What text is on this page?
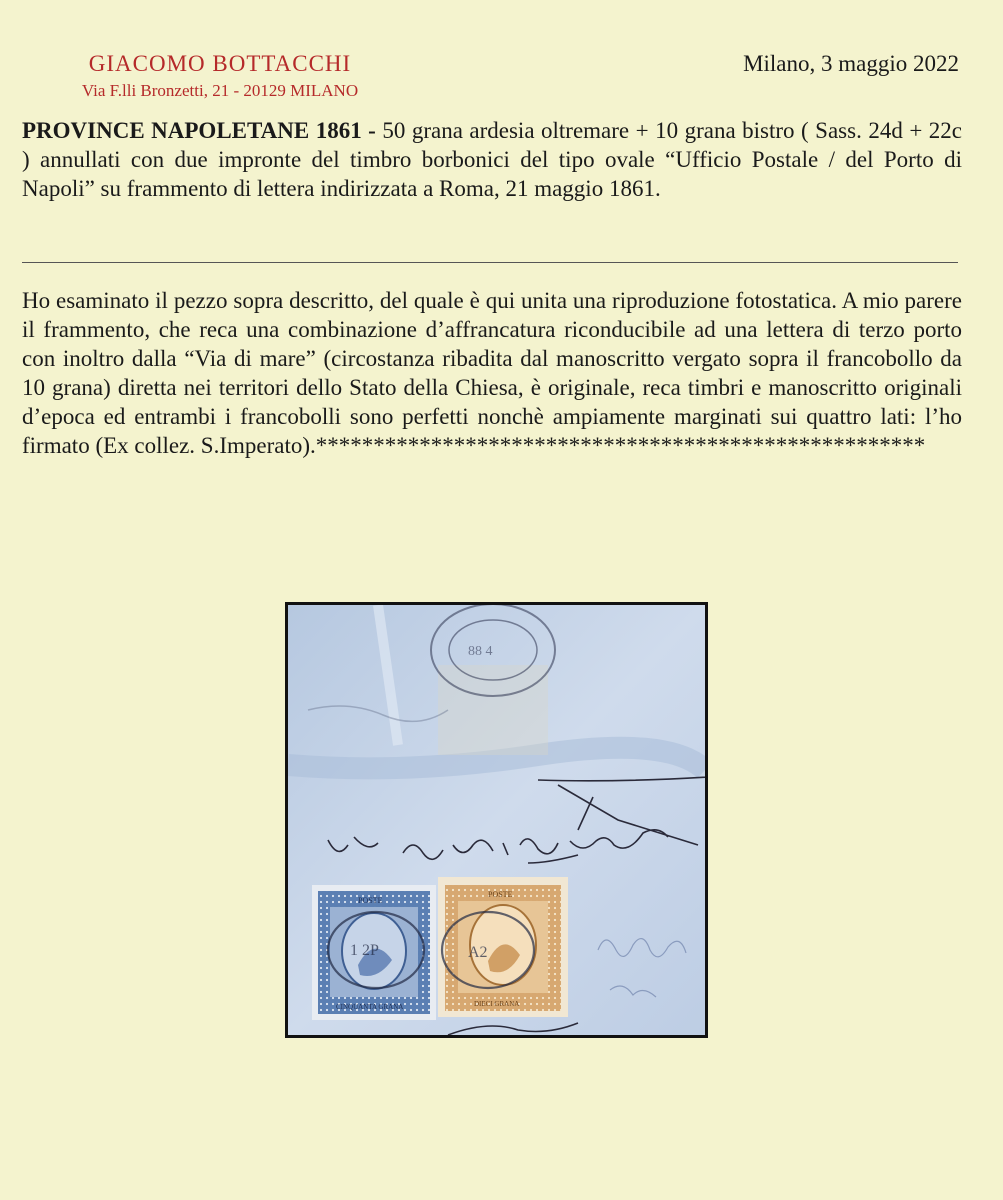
GIACOMO BOTTACCHI
Via F.lli Bronzetti, 21 - 20129 MILANO
Milano, 3 maggio 2022
PROVINCE NAPOLETANE 1861 - 50 grana ardesia oltremare + 10 grana bistro ( Sass. 24d + 22c ) annullati con due impronte del timbro borbonici del tipo ovale “Ufficio Postale / del Porto di Napoli” su frammento di lettera indirizzata a Roma, 21 maggio 1861.
Ho esaminato il pezzo sopra descritto, del quale è qui unita una riproduzione fotostatica. A mio parere il frammento, che reca una combinazione d’affrancatura riconducibile ad una lettera di terzo porto con inoltro dalla “Via di mare” (circostanza ribadita dal manoscritto vergato sopra il francobollo da 10 grana) diretta nei territori dello Stato della Chiesa, è originale, reca timbri e manoscritto originali d’epoca ed entrambi i francobolli sono perfetti nonchè ampiamente marginati sui quattro lati: l’ho firmato (Ex collez. S.Imperato).*****************************************************
88 4
POSTE
CINQUANTA GRANA
1 2P
POSTE
DIECI GRANA
A2
